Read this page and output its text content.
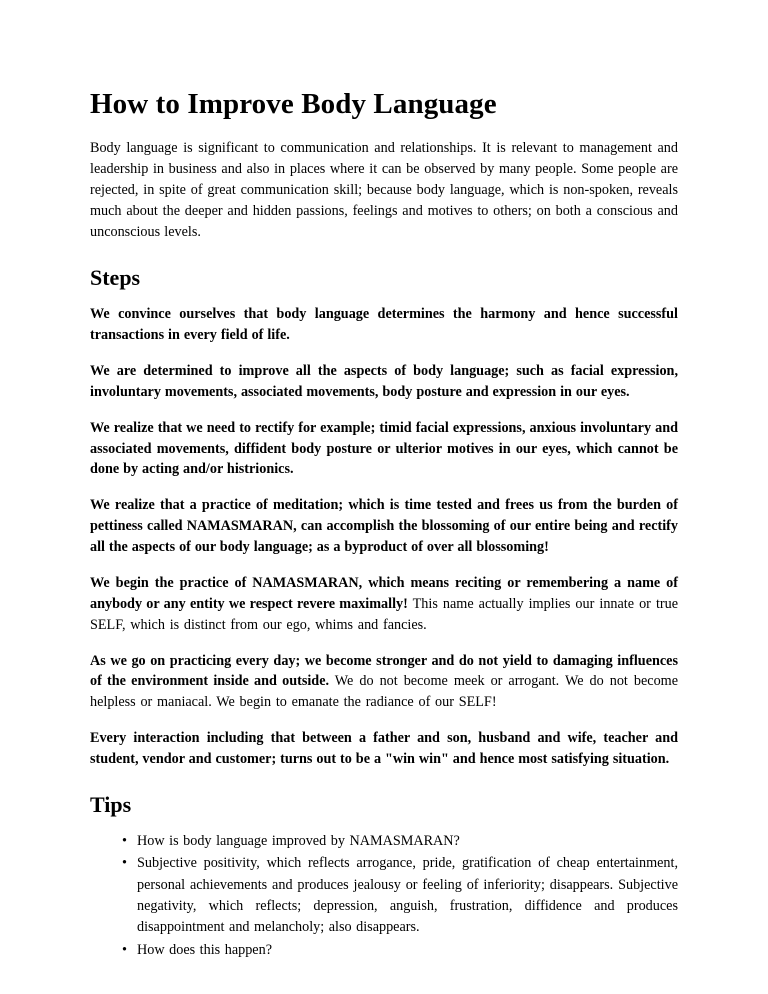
How to Improve Body Language

Body language is significant to communication and relationships. It is relevant to management and leadership in business and also in places where it can be observed by many people. Some people are rejected, in spite of great communication skill; because body language, which is non-spoken, reveals much about the deeper and hidden passions, feelings and motives to others; on both a conscious and unconscious levels.

Steps

We convince ourselves that body language determines the harmony and hence successful transactions in every field of life.

We are determined to improve all the aspects of body language; such as facial expression, involuntary movements, associated movements, body posture and expression in our eyes.

We realize that we need to rectify for example; timid facial expressions, anxious involuntary and associated movements, diffident body posture or ulterior motives in our eyes, which cannot be done by acting and/or histrionics.

We realize that a practice of meditation; which is time tested and frees us from the burden of pettiness called NAMASMARAN, can accomplish the blossoming of our entire being and rectify all the aspects of our body language; as a byproduct of over all blossoming!

We begin the practice of NAMASMARAN, which means reciting or remembering a name of anybody or any entity we respect revere maximally! This name actually implies our innate or true SELF, which is distinct from our ego, whims and fancies.

As we go on practicing every day; we become stronger and do not yield to damaging influences of the environment inside and outside. We do not become meek or arrogant. We do not become helpless or maniacal. We begin to emanate the radiance of our SELF!

Every interaction including that between a father and son, husband and wife, teacher and student, vendor and customer; turns out to be a "win win" and hence most satisfying situation.

Tips
• How is body language improved by NAMASMARAN?
• Subjective positivity, which reflects arrogance, pride, gratification of cheap entertainment, personal achievements and produces jealousy or feeling of inferiority; disappears. Subjective negativity, which reflects; depression, anguish, frustration, diffidence and produces disappointment and melancholy; also disappears.
• How does this happen?
